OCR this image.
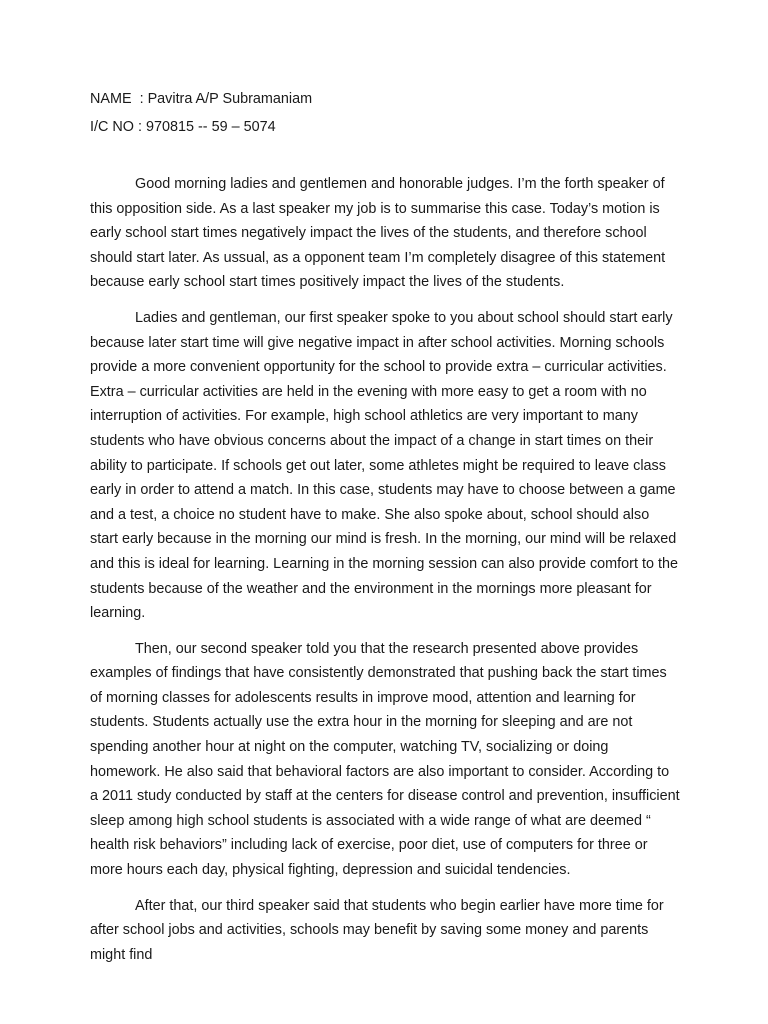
NAME  : Pavitra A/P Subramaniam

I/C NO : 970815 -- 59 – 5074

Good morning ladies and gentlemen and honorable judges. I’m the forth speaker of this opposition side. As a last speaker my job is to summarise this case. Today’s motion is early school start times negatively impact the lives of the students, and therefore school should start later. As ussual, as a opponent team I’m completely disagree of this statement because early school start times positively impact the lives of the students.

Ladies and gentleman, our first speaker spoke to you about school should start early because later start time will give negative impact in after school activities. Morning schools provide a more convenient opportunity for the school to provide extra – curricular activities. Extra – curricular activities are held in the evening with more easy to get a room with no interruption of activities. For example, high school athletics are very important to many students who have obvious concerns about the impact of a change in start times on their ability to participate. If schools get out later, some athletes might be required to leave class early in order to attend a match. In this case, students may have to choose between a game and a test, a choice no student have to make. She also spoke about, school should also start early because in the morning our mind is fresh. In the morning, our mind will be relaxed and this is ideal for learning. Learning in the morning session can also provide comfort to the students because of the weather and the environment in the mornings more pleasant for learning.

Then, our second speaker told you that the research presented above provides examples of findings that have consistently demonstrated that pushing back the start times of morning classes for adolescents results in improve mood, attention and learning for students. Students actually use the extra hour in the morning for sleeping and are not spending another hour at night on the computer, watching TV, socializing or doing homework. He also said that behavioral factors are also important to consider. According to a 2011 study conducted by staff at the centers for disease control and prevention, insufficient sleep among high school students is associated with a wide range of what are deemed “ health risk behaviors” including lack of exercise, poor diet, use of computers for three or more hours each day, physical fighting, depression and suicidal tendencies.

After that, our third speaker said that students who begin earlier have more time for after school jobs and activities, schools may benefit by saving some money and parents might find
